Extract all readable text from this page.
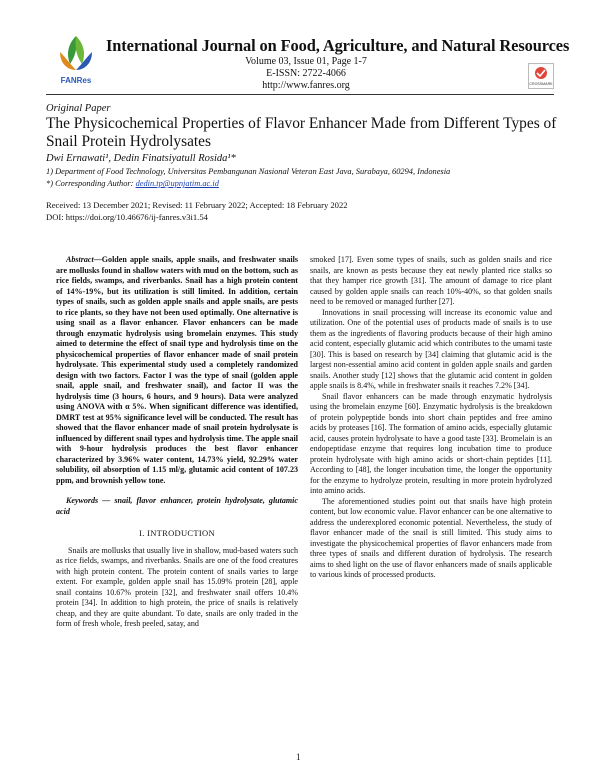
FANRes
International Journal on Food, Agriculture, and Natural Resources
Volume 03, Issue 01, Page 1-7
E-ISSN: 2722-4066
http://www.fanres.org	CROSSMARK
Original Paper
The Physicochemical Properties of Flavor Enhancer Made from Different Types of Snail Protein Hydrolysates
Dwi Ernawati¹, Dedin Finatsiyatull Rosida¹*
1) Department of Food Technology, Universitas Pembangunan Nasional Veteran East Java, Surabaya, 60294, Indonesia
*) Corresponding Author: dedin.tp@upnjatim.ac.id
Received: 13 December 2021; Revised: 11 February 2022; Accepted: 18 February 2022
DOI: https://doi.org/10.46676/ij-fanres.v3i1.54

Abstract—Golden apple snails, apple snails, and freshwater snails are mollusks found in shallow waters with mud on the bottom, such as rice fields, swamps, and riverbanks. Snail has a high protein content of 14%-19%, but its utilization is still limited. In addition, certain types of snails, such as golden apple snails and apple snails, are pests to rice plants, so they have not been used optimally. One alternative is using snail as a flavor enhancer. Flavor enhancers can be made through enzymatic hydrolysis using bromelain enzymes. This study aimed to determine the effect of snail type and hydrolysis time on the physicochemical properties of flavor enhancer made of snail protein hydrolysate. This experimental study used a completely randomized design with two factors. Factor I was the type of snail (golden apple snail, apple snail, and freshwater snail), and factor II was the hydrolysis time (3 hours, 6 hours, and 9 hours). Data were analyzed using ANOVA with α 5%. When significant difference was identified, DMRT test at 95% significance level will be conducted. The result has showed that the flavor enhancer made of snail protein hydrolysate is influenced by different snail types and hydrolysis time. The apple snail with 9-hour hydrolysis produces the best flavor enhancer characterized by 3.96% water content, 14.73% yield, 92.29% water solubility, oil absorption of 1.15 ml/g, glutamic acid content of 107.23 ppm, and brownish yellow tone.

Keywords — snail, flavor enhancer, protein hydrolysate, glutamic acid

I. INTRODUCTION

Snails are mollusks that usually live in shallow, mud-based waters such as rice fields, swamps, and riverbanks. Snails are one of the food creatures with high protein content. The protein content of snails varies to large extent. For example, golden apple snail has 15.09% protein [28], apple snail contains 10.67% protein [32], and freshwater snail offers 10.4% protein [34]. In addition to high protein, the price of snails is relatively cheap, and they are quite abundant. To date, snails are only traded in the form of fresh whole, fresh peeled, satay, and

smoked [17]. Even some types of snails, such as golden snails and rice snails, are known as pests because they eat newly planted rice stalks so that they hamper rice growth [31]. The amount of damage to rice plant caused by golden apple snails can reach 10%-40%, so that golden snails need to be removed or managed further [27].

Innovations in snail processing will increase its economic value and utilization. One of the potential uses of products made of snails is to use them as the ingredients of flavoring products because of their high amino acid content, especially glutamic acid which contributes to the umami taste [30]. This is based on research by [34] claiming that glutamic acid is the largest non-essential amino acid content in golden apple snails and garden snails. Another study [12] shows that the glutamic acid content in golden apple snails is 8.4%, while in freshwater snails it reaches 7.2% [34].

Snail flavor enhancers can be made through enzymatic hydrolysis using the bromelain enzyme [60]. Enzymatic hydrolysis is the breakdown of protein polypeptide bonds into short chain peptides and free amino acids by proteases [16]. The formation of amino acids, especially glutamic acid, causes protein hydrolysate to have a good taste [33]. Bromelain is an endopeptidase enzyme that requires long incubation time to produce protein hydrolysate with high amino acids or short-chain peptides [11]. According to [48], the longer incubation time, the longer the opportunity for the enzyme to hydrolyze protein, resulting in more protein hydrolyzed into amino acids.

The aforementioned studies point out that snails have high protein content, but low economic value. Flavor enhancer can be one alternative to address the underexplored economic potential. Nevertheless, the study of flavor enhancer made of the snail is still limited. This study aims to investigate the physicochemical properties of flavor enhancers made from three types of snails and different duration of hydrolysis. The research aims to shed light on the use of flavor enhancers made of snails applicable to various kinds of processed products.

1
